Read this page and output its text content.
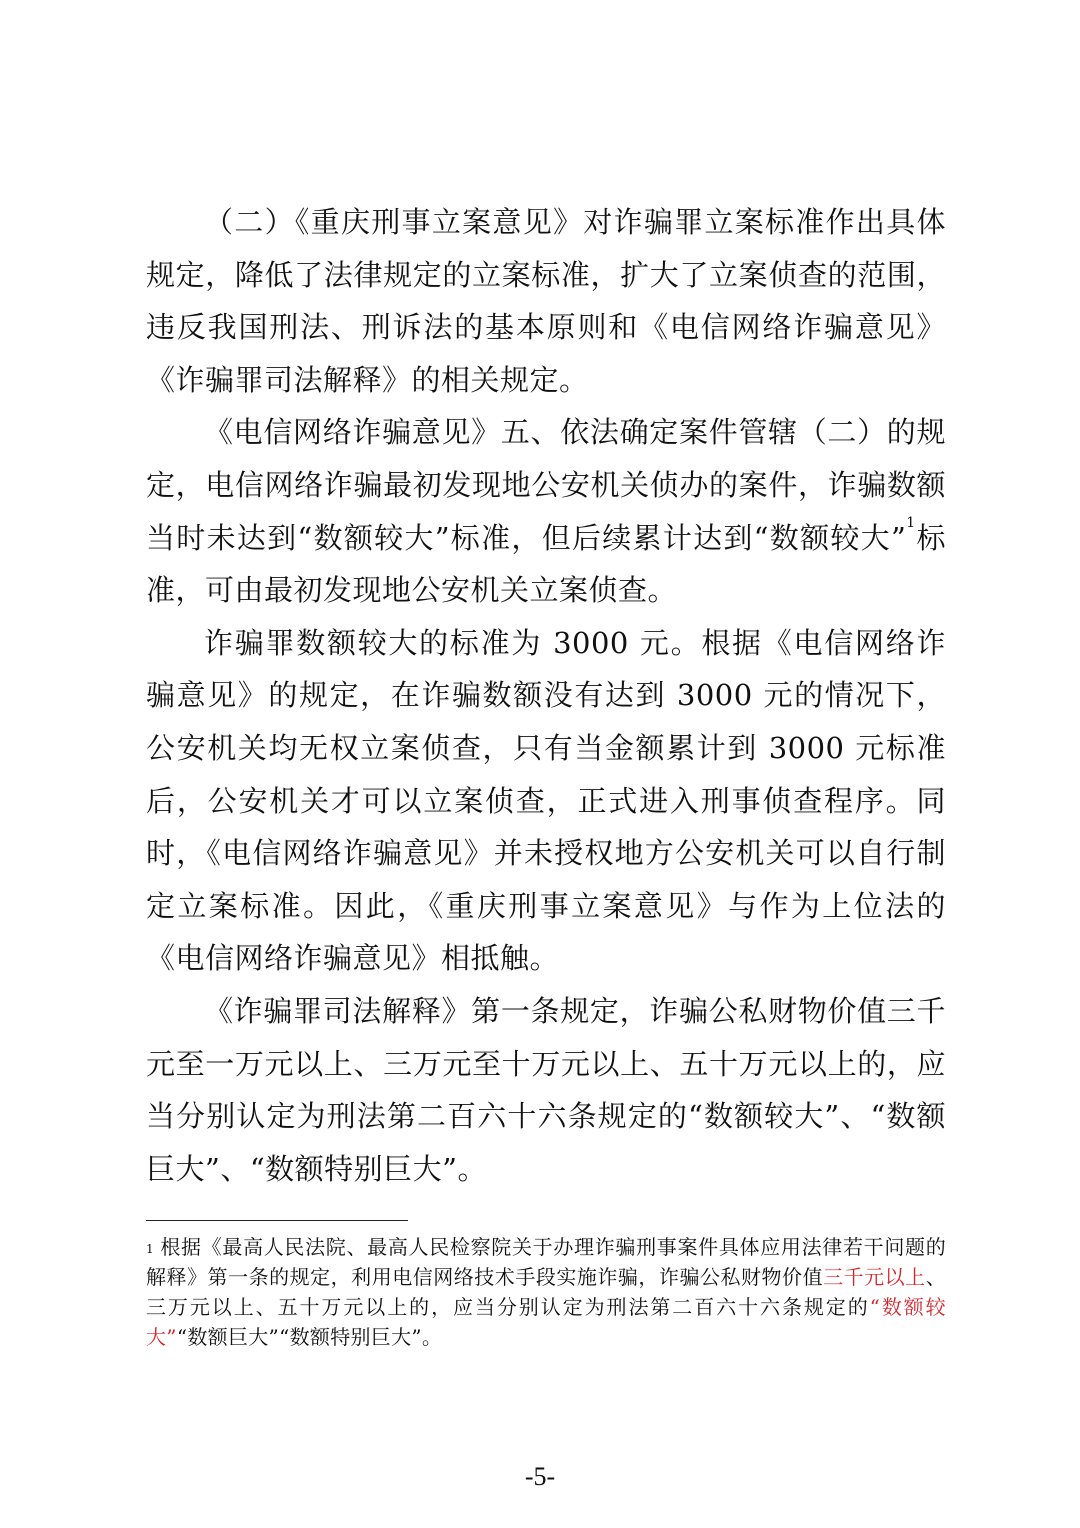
（二）《重庆刑事立案意见》对诈骗罪立案标准作出具体规定，降低了法律规定的立案标准，扩大了立案侦查的范围，违反我国刑法、刑诉法的基本原则和《电信网络诈骗意见》《诈骗罪司法解释》的相关规定。

《电信网络诈骗意见》五、依法确定案件管辖（二）的规定，电信网络诈骗最初发现地公安机关侦办的案件，诈骗数额当时未达到“数额较大”标准，但后续累计达到“数额较大”$^1$标准，可由最初发现地公安机关立案侦查。

诈骗罪数额较大的标准为 3000 元。根据《电信网络诈骗意见》的规定，在诈骗数额没有达到 3000 元的情况下，公安机关均无权立案侦查，只有当金额累计到 3000 元标准后，公安机关才可以立案侦查，正式进入刑事侦查程序。同时，《电信网络诈骗意见》并未授权地方公安机关可以自行制定立案标准。因此，《重庆刑事立案意见》与作为上位法的《电信网络诈骗意见》相抵触。

《诈骗罪司法解释》第一条规定，诈骗公私财物价值三千元至一万元以上、三万元至十万元以上、五十万元以上的，应当分别认定为刑法第二百六十六条规定的“数额较大”、“数额巨大”、“数额特别巨大”。

$^1$ 根据《最高人民法院、最高人民检察院关于办理诈骗刑事案件具体应用法律若干问题的解释》第一条的规定，利用电信网络技术手段实施诈骗，诈骗公私财物价值三千元以上、三万元以上、五十万元以上的，应当分别认定为刑法第二百六十六条规定的“数额较大”“数额巨大”“数额特别巨大”。

-5-
